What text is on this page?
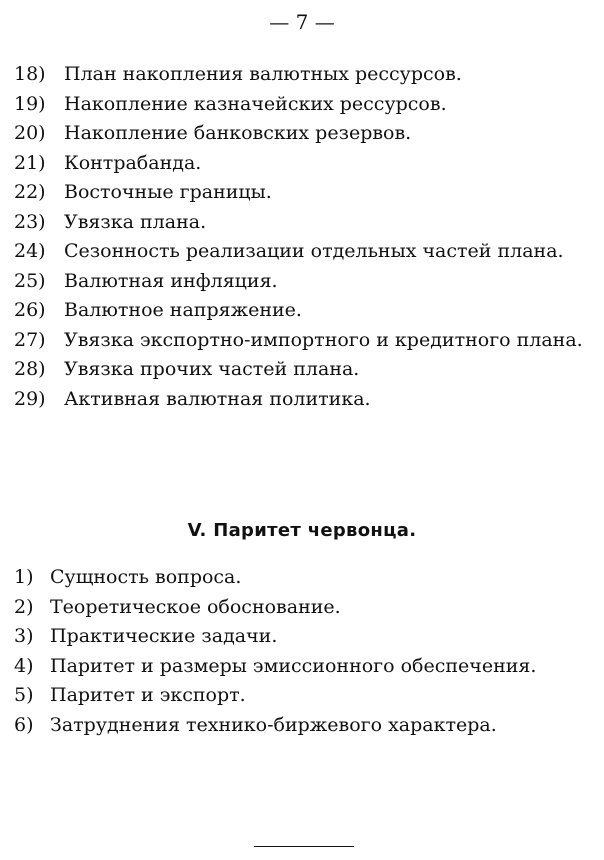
— 7 —
18) План накопления валютных рессурсов.
19) Накопление казначейских рессурсов.
20) Накопление банковских резервов.
21) Контрабанда.
22) Восточные границы.
23) Увязка плана.
24) Сезонность реализации отдельных частей плана.
25) Валютная инфляция.
26) Валютное напряжение.
27) Увязка экспортно-импортного и кредитного плана.
28) Увязка прочих частей плана.
29) Активная валютная политика.
V. Паритет червонца.
1) Сущность вопроса.
2) Теоретическое обоснование.
3) Практические задачи.
4) Паритет и размеры эмиссионного обеспечения.
5) Паритет и экспорт.
6) Затруднения технико-биржевого характера.
